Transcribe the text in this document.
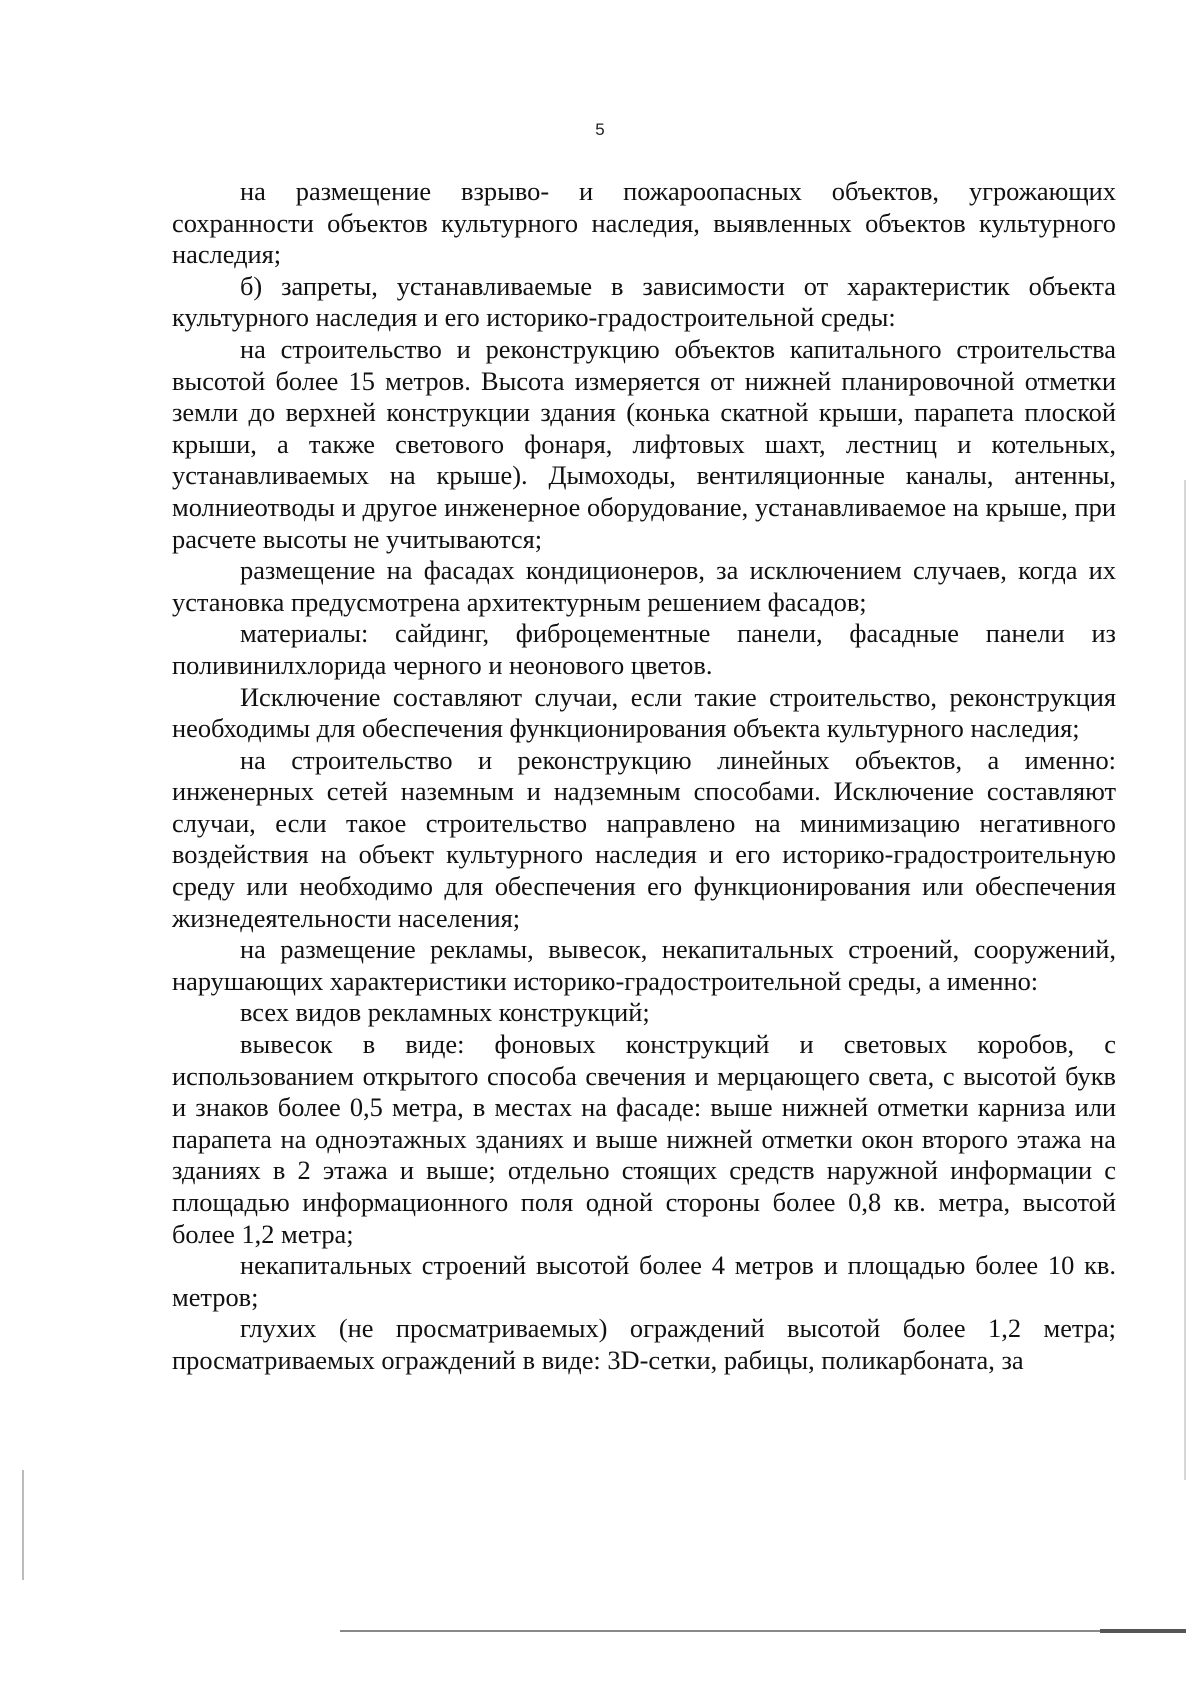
5

на размещение взрыво- и пожароопасных объектов, угрожающих сохранности объектов культурного наследия, выявленных объектов культурного наследия;

б) запреты, устанавливаемые в зависимости от характеристик объекта культурного наследия и его историко-градостроительной среды:

на строительство и реконструкцию объектов капитального строительства высотой более 15 метров. Высота измеряется от нижней планировочной отметки земли до верхней конструкции здания (конька скатной крыши, парапета плоской крыши, а также светового фонаря, лифтовых шахт, лестниц и котельных, устанавливаемых на крыше). Дымоходы, вентиляционные каналы, антенны, молниеотводы и другое инженерное оборудование, устанавливаемое на крыше, при расчете высоты не учитываются;

размещение на фасадах кондиционеров, за исключением случаев, когда их установка предусмотрена архитектурным решением фасадов;

материалы: сайдинг, фиброцементные панели, фасадные панели из поливинилхлорида черного и неонового цветов.

Исключение составляют случаи, если такие строительство, реконструкция необходимы для обеспечения функционирования объекта культурного наследия;

на строительство и реконструкцию линейных объектов, а именно: инженерных сетей наземным и надземным способами. Исключение составляют случаи, если такое строительство направлено на минимизацию негативного воздействия на объект культурного наследия и его историко-градостроительную среду или необходимо для обеспечения его функционирования или обеспечения жизнедеятельности населения;

на размещение рекламы, вывесок, некапитальных строений, сооружений, нарушающих характеристики историко-градостроительной среды, а именно:

всех видов рекламных конструкций;

вывесок в виде: фоновых конструкций и световых коробов, с использованием открытого способа свечения и мерцающего света, с высотой букв и знаков более 0,5 метра, в местах на фасаде: выше нижней отметки карниза или парапета на одноэтажных зданиях и выше нижней отметки окон второго этажа на зданиях в 2 этажа и выше; отдельно стоящих средств наружной информации с площадью информационного поля одной стороны более 0,8 кв. метра, высотой более 1,2 метра;

некапитальных строений высотой более 4 метров и площадью более 10 кв. метров;

глухих (не просматриваемых) ограждений высотой более 1,2 метра; просматриваемых ограждений в виде: 3D-сетки, рабицы, поликарбоната, за
